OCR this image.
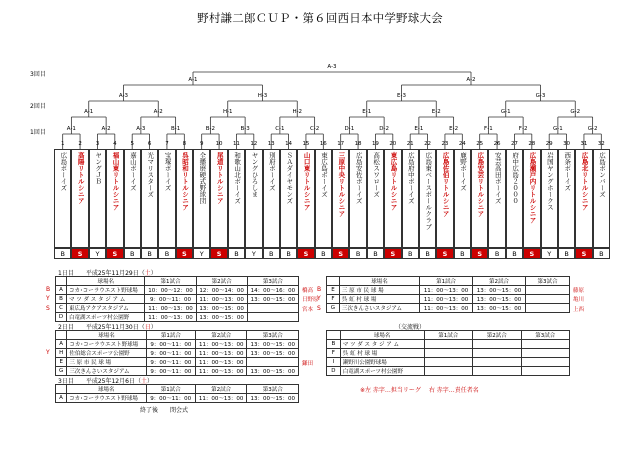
野村謙二郎ＣＵＰ・第６回西日本中学野球大会
3回目
2回目
1回目	A-1	A-2	A-3	B-1	B-2	B-3	C-1	C-2	D-1	D-2	E-1	E-2	F-1	F-2	G-1	G-2
A-1	A-2	H-1	H-2	E-1	E-2	G-1	G-2
A-3	H-3	E-3	G-3
A-1	A-2
A-3
1
広島ボーイズ
B
2
高陽リトルシニア
S
3
ヤングＪＢ
Y
4
福山東リトルシニア
S
5
嘉山ボーイズ
B
6
光マリスターズ
B
7
宝塚ボーイズ
B
8
呉昭和リトルシニア
S
9
全播磨硬式野球団
Y
10
尾道リトルシニア
S
11
和歌山北ボーイズ
B
12
ヤングひろしま
Y
13
別府ボーイズ
B
14
ＳＡダイヤモンズ
B
15
山口東リトルシニア
S
16
東広島ボーイズ
B
17
三原中央リトルシニア
S
18
広島安佐ボーイズ
B
19
高松スワローズ
B
20
東広島リトルシニア
S
21
広島府中ボーイズ
B
22
広島東ベースボールクラブ
B
23
広島佐伯リトルシニア
S
24
鹿野ボーイズ
B
25
広島安芸リトルシニア
S
26
安芸高田ボーイズ
B
27
府中広島２０００
B
28
広島瀬戸内リトルシニア
S
29
岩国ヤングホークス
Y
30
西条ボーイズ
B
31
広島北リトルシニア
S
32
広島ボンバーズ
B
1日目　　 平成25年11月29日（土）
	球場名	第1試合	第2試合	第3試合
A	コカ･コーラウエスト野球場	10：00～12：00	12：00～14：00	14：00～16：00
B	マ ツ ダ ス タ ジ ア ム	9：00～11：00	11：00～13：00	13：00～15：00
C	東広島アクアスタジアム	11：00～13：00	13：00～15：00	
D	白竜湖スポーツ村公園野	11：00～13：00	13：00～15：00	
B
Y
S
橋高
日野原
宮本
	球場名	第1試合	第2試合	第3試合
E	三 原 市 民 球 場	11：00～13：00	13：00～15：00	
F	呉 虹 村 球 場	11：00～13：00	13：00～15：00	
G	三次きんさいスタジアム	11：00～13：00	13：00～15：00	
B
Y
S
藤原
亀川
上西
2日目　　 平成25年11月30日（日）
	球場名	第1試合	第2試合	第3試合
A	コカ･コーラウエスト野球場	9：00～11：00	11：00～13：00	13：00～15：00
H	佐伯総合スポーツ公園野	9：00～11：00	11：00～13：00	13：00～15：00
E	三 原 市 民 球 場	9：00～11：00	11：00～13：00	
G	三次きんさいスタジアム	9：00～11：00	11：00～13：00	13：00～15：00
Y
鎌田
（交流戦）
	球場名	第1試合	第2試合	第3試合
B	マ ツ ダ ス タ ジ ア ム			
F	呉 虹 村 球 場			
I	瀬野川公園野球場			
D	白竜湖スポーツ村公園野			
3日目　　 平成25年12月6日（土）
	球場名	第1試合	第2試合	第3試合
A	コカ･コーラウエスト野球場	9：00～11：00	11：00～13：00	13：00～15：00
終了後　　閉会式
※左 赤字…担当リーグ　 右 赤字…責任者名
